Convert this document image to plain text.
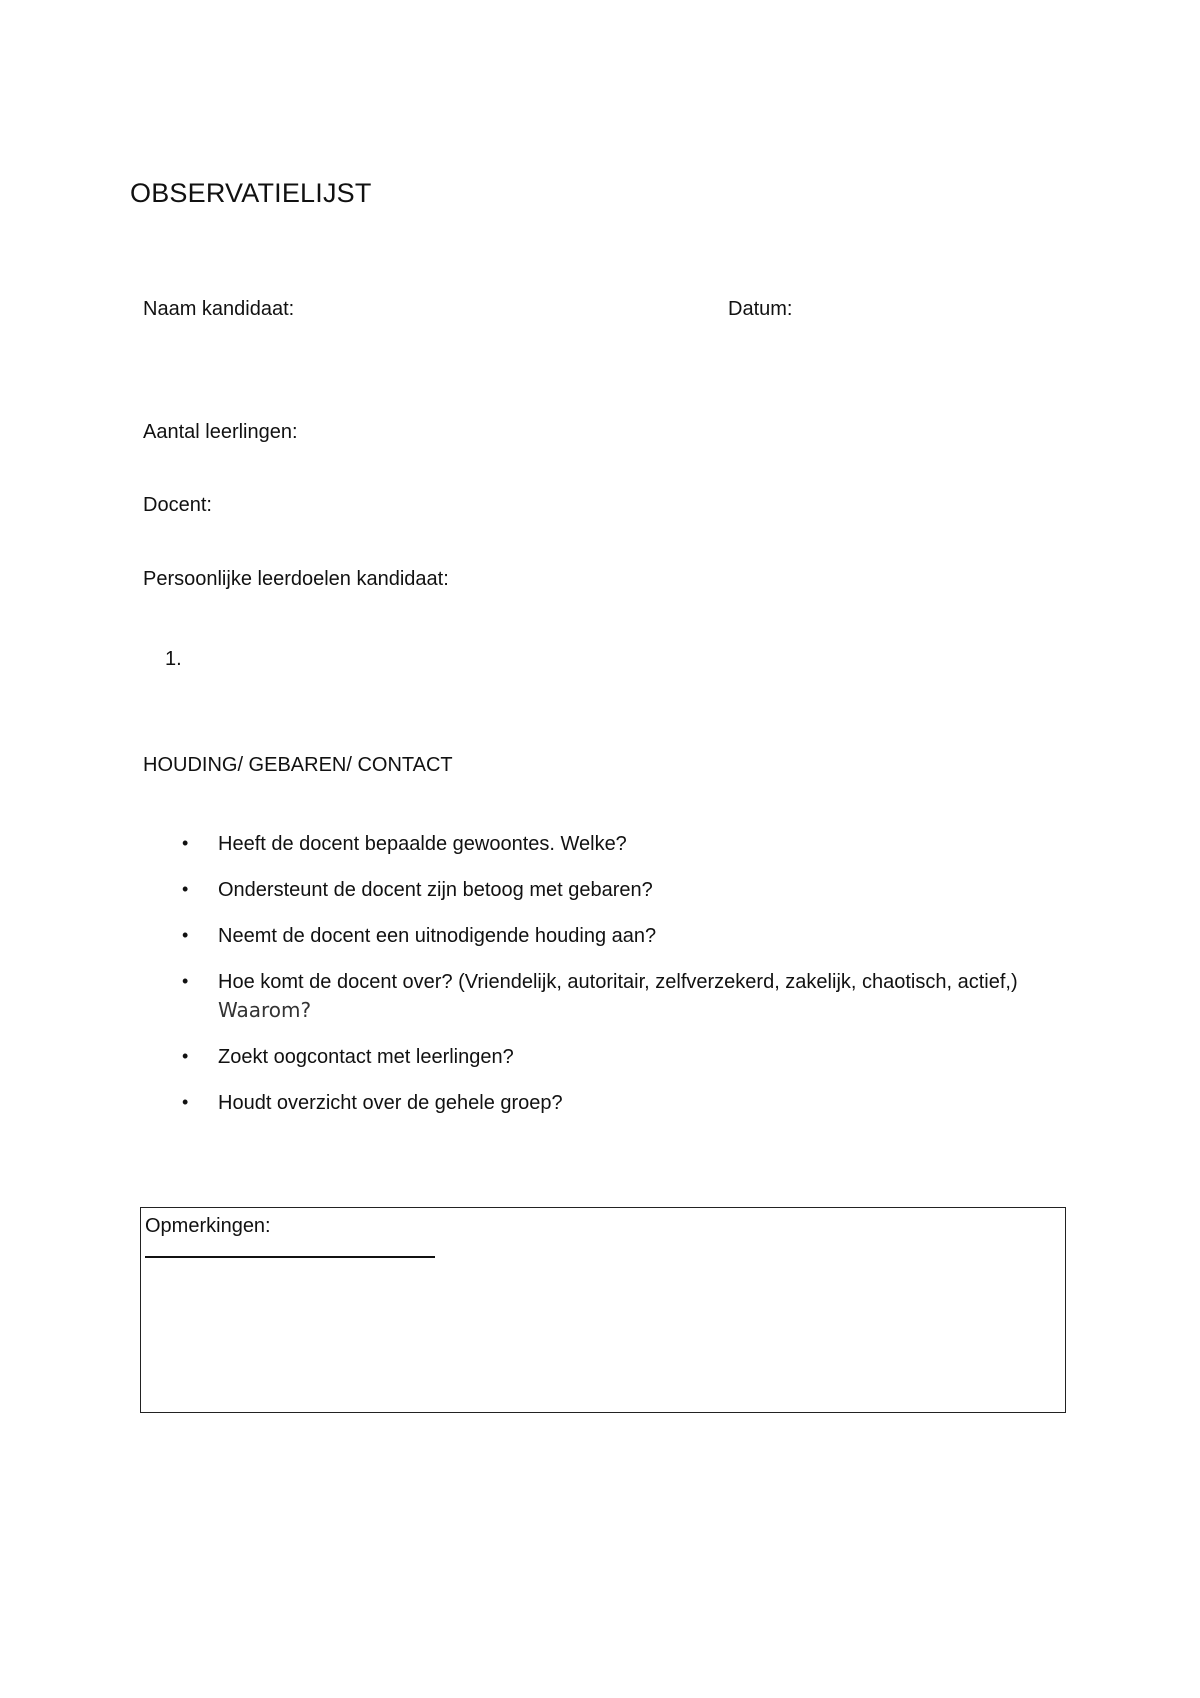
OBSERVATIELIJST
Naam kandidaat:	Datum:
Aantal leerlingen:
Docent:
Persoonlijke leerdoelen kandidaat:
1.
HOUDING/ GEBAREN/ CONTACT
•	Heeft de docent bepaalde gewoontes. Welke?
•	Ondersteunt de docent zijn betoog met gebaren?
•	Neemt de docent een uitnodigende houding aan?
•	Hoe komt de docent over? (Vriendelijk, autoritair, zelfverzekerd, zakelijk, chaotisch, actief,) Waarom?
•	Zoekt oogcontact met leerlingen?
•	Houdt overzicht over de gehele groep?
Opmerkingen:
